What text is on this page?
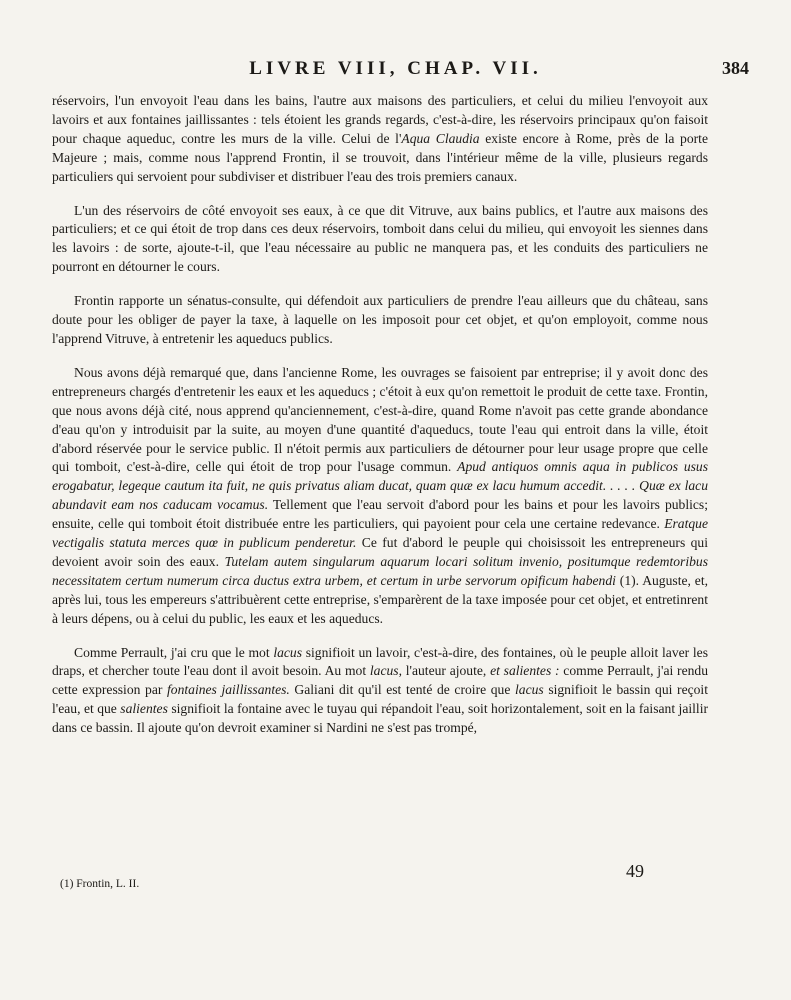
LIVRE VIII, CHAP. VII.	384

réservoirs, l'un envoyoit l'eau dans les bains, l'autre aux maisons des particuliers, et celui du milieu l'envoyoit aux lavoirs et aux fontaines jaillissantes : tels étoient les grands regards, c'est-à-dire, les réservoirs principaux qu'on faisoit pour chaque aqueduc, contre les murs de la ville. Celui de l'Aqua Claudia existe encore à Rome, près de la porte Majeure ; mais, comme nous l'apprend Frontin, il se trouvoit, dans l'intérieur même de la ville, plusieurs regards particuliers qui servoient pour subdiviser et distribuer l'eau des trois premiers canaux.

L'un des réservoirs de côté envoyoit ses eaux, à ce que dit Vitruve, aux bains publics, et l'autre aux maisons des particuliers; et ce qui étoit de trop dans ces deux réservoirs, tomboit dans celui du milieu, qui envoyoit les siennes dans les lavoirs : de sorte, ajoute-t-il, que l'eau nécessaire au public ne manquera pas, et les conduits des particuliers ne pourront en détourner le cours.

Frontin rapporte un sénatus-consulte, qui défendoit aux particuliers de prendre l'eau ailleurs que du château, sans doute pour les obliger de payer la taxe, à laquelle on les imposoit pour cet objet, et qu'on employoit, comme nous l'apprend Vitruve, à entretenir les aqueducs publics.

Nous avons déjà remarqué que, dans l'ancienne Rome, les ouvrages se faisoient par entreprise; il y avoit donc des entrepreneurs chargés d'entretenir les eaux et les aqueducs ; c'étoit à eux qu'on remettoit le produit de cette taxe. Frontin, que nous avons déjà cité, nous apprend qu'anciennement, c'est-à-dire, quand Rome n'avoit pas cette grande abondance d'eau qu'on y introduisit par la suite, au moyen d'une quantité d'aqueducs, toute l'eau qui entroit dans la ville, étoit d'abord réservée pour le service public. Il n'étoit permis aux particuliers de détourner pour leur usage propre que celle qui tomboit, c'est-à-dire, celle qui étoit de trop pour l'usage commun. Apud antiquos omnis aqua in publicos usus erogabatur, legeque cautum ita fuit, ne quis privatus aliam ducat, quam quæ ex lacu humum accedit. . . . . Quæ ex lacu abundavit eam nos caducam vocamus. Tellement que l'eau servoit d'abord pour les bains et pour les lavoirs publics; ensuite, celle qui tomboit étoit distribuée entre les particuliers, qui payoient pour cela une certaine redevance. Eratque vectigalis statuta merces quœ in publicum penderetur. Ce fut d'abord le peuple qui choisissoit les entrepreneurs qui devoient avoir soin des eaux. Tutelam autem singularum aquarum locari solitum invenio, positumque redemtoribus necessitatem certum numerum circa ductus extra urbem, et certum in urbe servorum opificum habendi (1). Auguste, et, après lui, tous les empereurs s'attribuèrent cette entreprise, s'emparèrent de la taxe imposée pour cet objet, et entretinrent à leurs dépens, ou à celui du public, les eaux et les aqueducs.

Comme Perrault, j'ai cru que le mot lacus signifioit un lavoir, c'est-à-dire, des fontaines, où le peuple alloit laver les draps, et chercher toute l'eau dont il avoit besoin. Au mot lacus, l'auteur ajoute, et salientes : comme Perrault, j'ai rendu cette expression par fontaines jaillissantes. Galiani dit qu'il est tenté de croire que lacus signifioit le bassin qui reçoit l'eau, et que salientes signifioit la fontaine avec le tuyau qui répandoit l'eau, soit horizontalement, soit en la faisant jaillir dans ce bassin. Il ajoute qu'on devroit examiner si Nardini ne s'est pas trompé,

49
(1) Frontin, L. II.
